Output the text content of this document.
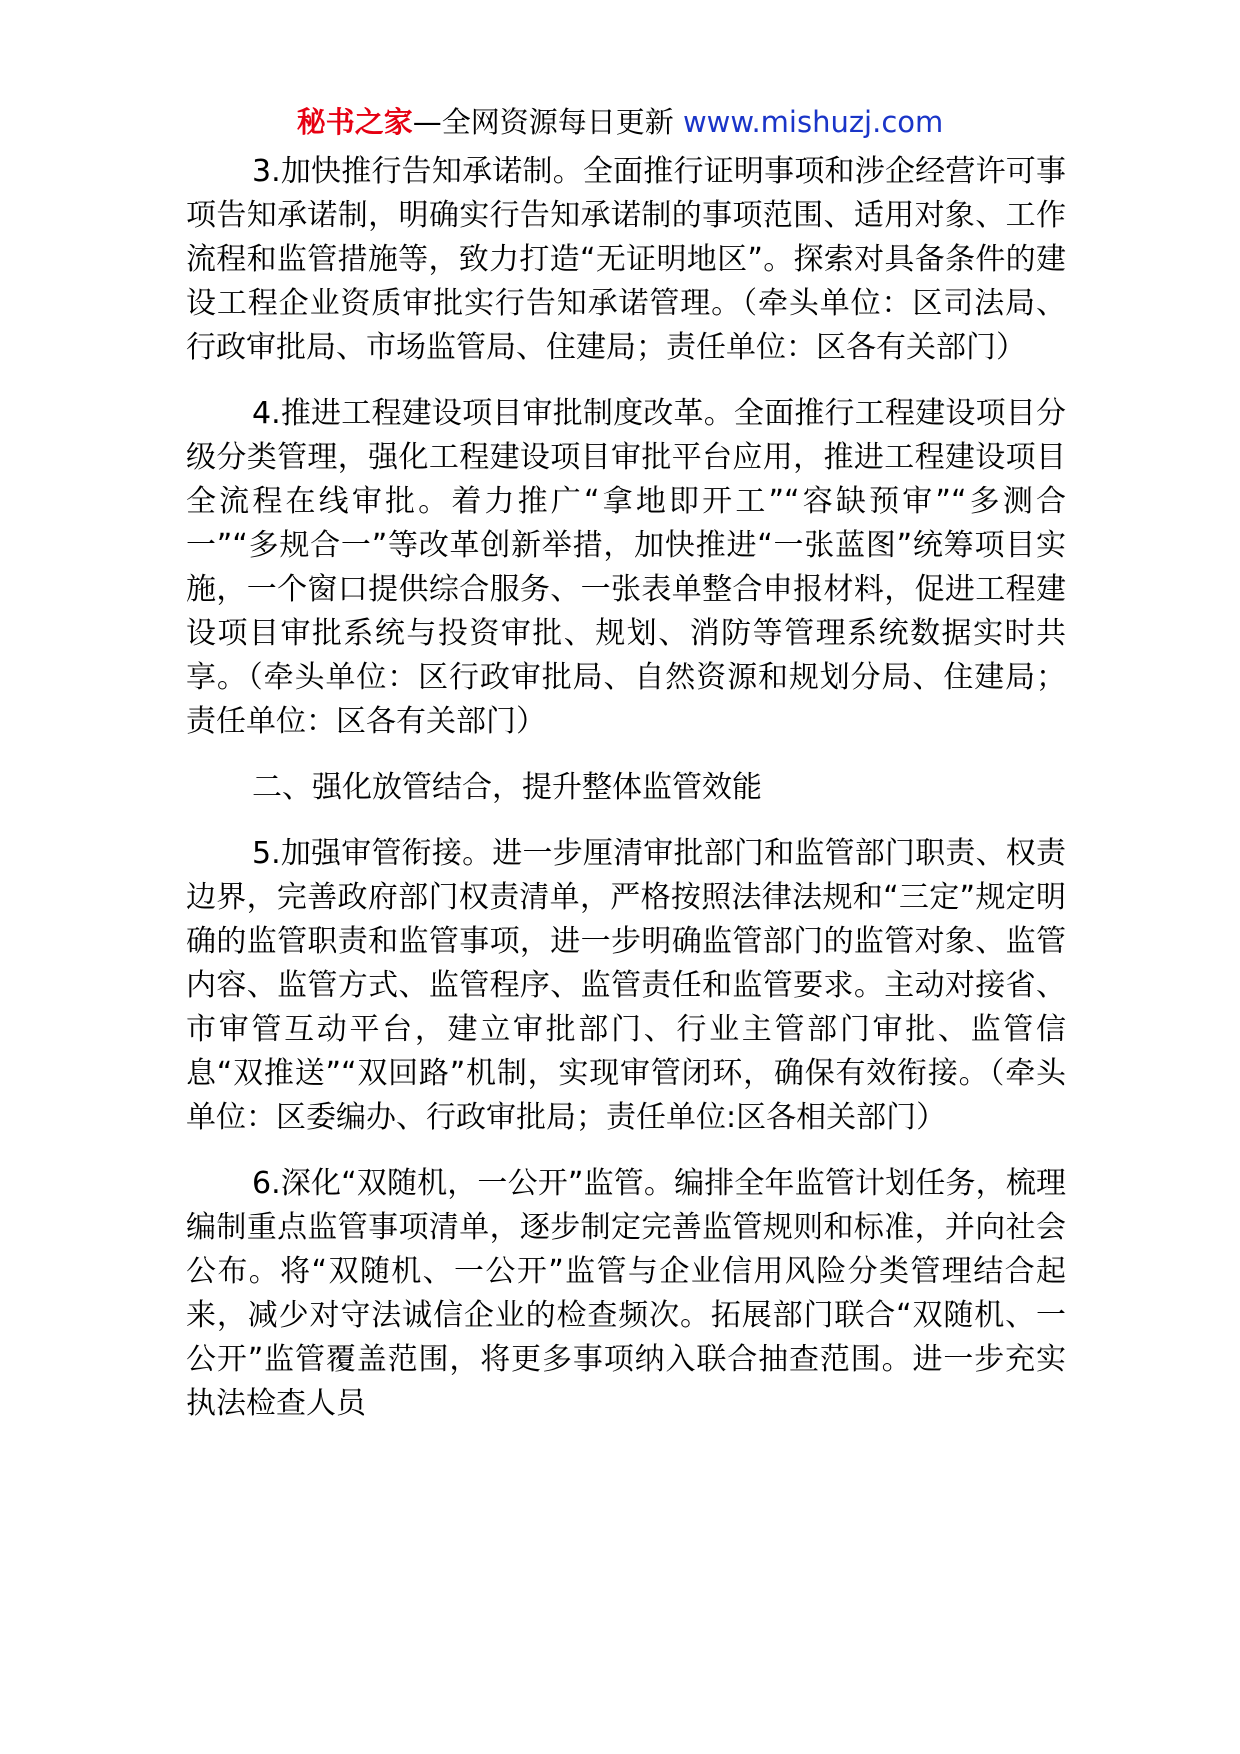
秘书之家—全网资源每日更新 www.mishuzj.com

3.加快推行告知承诺制。全面推行证明事项和涉企经营许可事项告知承诺制，明确实行告知承诺制的事项范围、适用对象、工作流程和监管措施等，致力打造“无证明地区”。探索对具备条件的建设工程企业资质审批实行告知承诺管理。（牵头单位：区司法局、行政审批局、市场监管局、住建局；责任单位：区各有关部门）

4.推进工程建设项目审批制度改革。全面推行工程建设项目分级分类管理，强化工程建设项目审批平台应用，推进工程建设项目全流程在线审批。着力推广“拿地即开工”“容缺预审”“多测合一”“多规合一”等改革创新举措，加快推进“一张蓝图”统筹项目实施，一个窗口提供综合服务、一张表单整合申报材料，促进工程建设项目审批系统与投资审批、规划、消防等管理系统数据实时共享。（牵头单位：区行政审批局、自然资源和规划分局、住建局；责任单位：区各有关部门）

二、强化放管结合，提升整体监管效能

5.加强审管衔接。进一步厘清审批部门和监管部门职责、权责边界，完善政府部门权责清单，严格按照法律法规和“三定”规定明确的监管职责和监管事项，进一步明确监管部门的监管对象、监管内容、监管方式、监管程序、监管责任和监管要求。主动对接省、市审管互动平台，建立审批部门、行业主管部门审批、监管信息“双推送”“双回路”机制，实现审管闭环，确保有效衔接。（牵头单位：区委编办、行政审批局；责任单位:区各相关部门）

6.深化“双随机，一公开”监管。编排全年监管计划任务，梳理编制重点监管事项清单，逐步制定完善监管规则和标准，并向社会公布。将“双随机、一公开”监管与企业信用风险分类管理结合起来，减少对守法诚信企业的检查频次。拓展部门联合“双随机、一公开”监管覆盖范围，将更多事项纳入联合抽查范围。进一步充实执法检查人员
